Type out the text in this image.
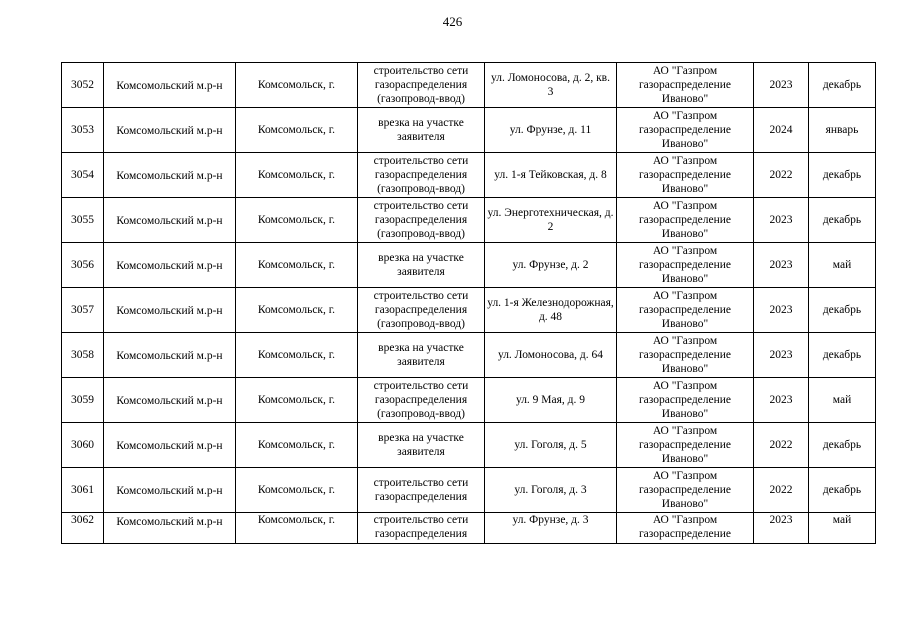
426
3052	Комсомольский м.р-н	Комсомольск, г.	строительство сети газораспределения (газопровод-ввод)	ул. Ломоносова, д. 2, кв. 3	АО "Газпром газораспределение Иваново"	2023	декабрь

3053	Комсомольский м.р-н	Комсомольск, г.	врезка на участке заявителя	ул. Фрунзе, д. 11	АО "Газпром газораспределение Иваново"	2024	январь

3054	Комсомольский м.р-н	Комсомольск, г.	строительство сети газораспределения (газопровод-ввод)	ул. 1-я Тейковская, д. 8	АО "Газпром газораспределение Иваново"	2022	декабрь

3055	Комсомольский м.р-н	Комсомольск, г.	строительство сети газораспределения (газопровод-ввод)	ул. Энерготехническая, д. 2	АО "Газпром газораспределение Иваново"	2023	декабрь

3056	Комсомольский м.р-н	Комсомольск, г.	врезка на участке заявителя	ул. Фрунзе, д. 2	АО "Газпром газораспределение Иваново"	2023	май

3057	Комсомольский м.р-н	Комсомольск, г.	строительство сети газораспределения (газопровод-ввод)	ул. 1-я Железнодорожная, д. 48	АО "Газпром газораспределение Иваново"	2023	декабрь

3058	Комсомольский м.р-н	Комсомольск, г.	врезка на участке заявителя	ул. Ломоносова, д. 64	АО "Газпром газораспределение Иваново"	2023	декабрь

3059	Комсомольский м.р-н	Комсомольск, г.	строительство сети газораспределения (газопровод-ввод)	ул. 9 Мая, д. 9	АО "Газпром газораспределение Иваново"	2023	май

3060	Комсомольский м.р-н	Комсомольск, г.	врезка на участке заявителя	ул. Гоголя, д. 5	АО "Газпром газораспределение Иваново"	2022	декабрь

3061	Комсомольский м.р-н	Комсомольск, г.	строительство сети газораспределения	ул. Гоголя, д. 3	АО "Газпром газораспределение Иваново"	2022	декабрь

3062	Комсомольский м.р-н	Комсомольск, г.	строительство сети газораспределения	ул. Фрунзе, д. 3	АО "Газпром газораспределение	2023	май
